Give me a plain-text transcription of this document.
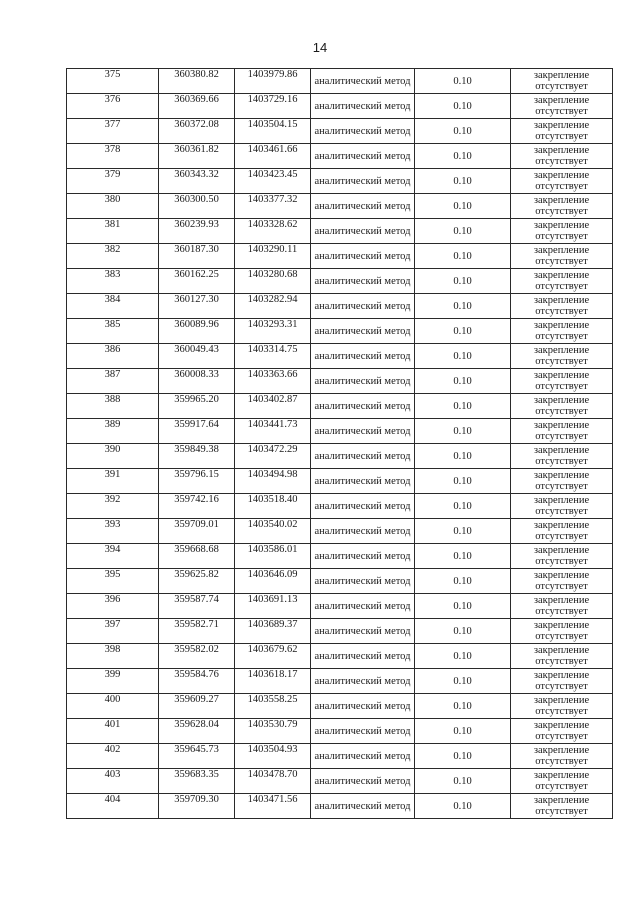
14
375	360380.82	1403979.86	аналитический метод	0.10	закрепление отсутствует
376	360369.66	1403729.16	аналитический метод	0.10	закрепление отсутствует
377	360372.08	1403504.15	аналитический метод	0.10	закрепление отсутствует
378	360361.82	1403461.66	аналитический метод	0.10	закрепление отсутствует
379	360343.32	1403423.45	аналитический метод	0.10	закрепление отсутствует
380	360300.50	1403377.32	аналитический метод	0.10	закрепление отсутствует
381	360239.93	1403328.62	аналитический метод	0.10	закрепление отсутствует
382	360187.30	1403290.11	аналитический метод	0.10	закрепление отсутствует
383	360162.25	1403280.68	аналитический метод	0.10	закрепление отсутствует
384	360127.30	1403282.94	аналитический метод	0.10	закрепление отсутствует
385	360089.96	1403293.31	аналитический метод	0.10	закрепление отсутствует
386	360049.43	1403314.75	аналитический метод	0.10	закрепление отсутствует
387	360008.33	1403363.66	аналитический метод	0.10	закрепление отсутствует
388	359965.20	1403402.87	аналитический метод	0.10	закрепление отсутствует
389	359917.64	1403441.73	аналитический метод	0.10	закрепление отсутствует
390	359849.38	1403472.29	аналитический метод	0.10	закрепление отсутствует
391	359796.15	1403494.98	аналитический метод	0.10	закрепление отсутствует
392	359742.16	1403518.40	аналитический метод	0.10	закрепление отсутствует
393	359709.01	1403540.02	аналитический метод	0.10	закрепление отсутствует
394	359668.68	1403586.01	аналитический метод	0.10	закрепление отсутствует
395	359625.82	1403646.09	аналитический метод	0.10	закрепление отсутствует
396	359587.74	1403691.13	аналитический метод	0.10	закрепление отсутствует
397	359582.71	1403689.37	аналитический метод	0.10	закрепление отсутствует
398	359582.02	1403679.62	аналитический метод	0.10	закрепление отсутствует
399	359584.76	1403618.17	аналитический метод	0.10	закрепление отсутствует
400	359609.27	1403558.25	аналитический метод	0.10	закрепление отсутствует
401	359628.04	1403530.79	аналитический метод	0.10	закрепление отсутствует
402	359645.73	1403504.93	аналитический метод	0.10	закрепление отсутствует
403	359683.35	1403478.70	аналитический метод	0.10	закрепление отсутствует
404	359709.30	1403471.56	аналитический метод	0.10	закрепление отсутствует
